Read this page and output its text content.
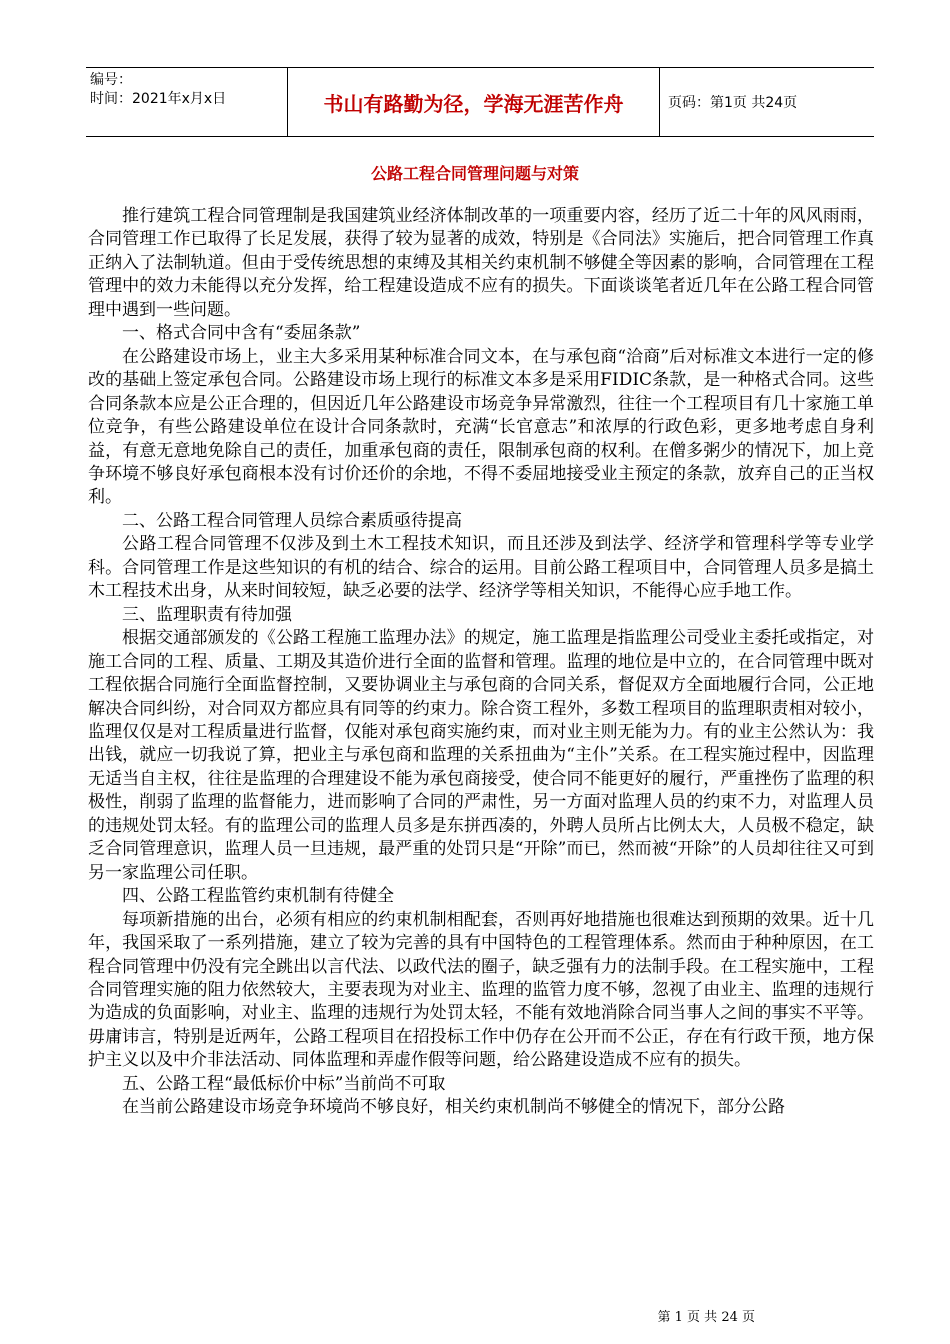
编号：
时间：2021年x月x日	书山有路勤为径，学海无涯苦作舟	页码：第1页 共24页
公路工程合同管理问题与对策

推行建筑工程合同管理制是我国建筑业经济体制改革的一项重要内容，经历了近二十年的风风雨雨，合同管理工作已取得了长足发展，获得了较为显著的成效，特别是《合同法》实施后，把合同管理工作真正纳入了法制轨道。但由于受传统思想的束缚及其相关约束机制不够健全等因素的影响，合同管理在工程管理中的效力未能得以充分发挥，给工程建设造成不应有的损失。下面谈谈笔者近几年在公路工程合同管理中遇到一些问题。

一、格式合同中含有“委屈条款”

在公路建设市场上，业主大多采用某种标准合同文本，在与承包商“洽商”后对标准文本进行一定的修改的基础上签定承包合同。公路建设市场上现行的标准文本多是采用FIDIC条款，是一种格式合同。这些合同条款本应是公正合理的，但因近几年公路建设市场竞争异常激烈，往往一个工程项目有几十家施工单位竞争，有些公路建设单位在设计合同条款时，充满“长官意志”和浓厚的行政色彩，更多地考虑自身利益，有意无意地免除自己的责任，加重承包商的责任，限制承包商的权利。在僧多粥少的情况下，加上竞争环境不够良好承包商根本没有讨价还价的余地，不得不委屈地接受业主预定的条款，放弃自己的正当权利。

二、公路工程合同管理人员综合素质亟待提高

公路工程合同管理不仅涉及到土木工程技术知识，而且还涉及到法学、经济学和管理科学等专业学科。合同管理工作是这些知识的有机的结合、综合的运用。目前公路工程项目中，合同管理人员多是搞土木工程技术出身，从来时间较短，缺乏必要的法学、经济学等相关知识，不能得心应手地工作。

三、监理职责有待加强

根据交通部颁发的《公路工程施工监理办法》的规定，施工监理是指监理公司受业主委托或指定，对施工合同的工程、质量、工期及其造价进行全面的监督和管理。监理的地位是中立的，在合同管理中既对工程依据合同施行全面监督控制，又要协调业主与承包商的合同关系，督促双方全面地履行合同，公正地解决合同纠纷，对合同双方都应具有同等的约束力。除合资工程外，多数工程项目的监理职责相对较小，监理仅仅是对工程质量进行监督，仅能对承包商实施约束，而对业主则无能为力。有的业主公然认为：我出钱，就应一切我说了算，把业主与承包商和监理的关系扭曲为“主仆”关系。在工程实施过程中，因监理无适当自主权，往往是监理的合理建设不能为承包商接受，使合同不能更好的履行，严重挫伤了监理的积极性，削弱了监理的监督能力，进而影响了合同的严肃性，另一方面对监理人员的约束不力，对监理人员的违规处罚太轻。有的监理公司的监理人员多是东拼西凑的，外聘人员所占比例太大，人员极不稳定，缺乏合同管理意识，监理人员一旦违规，最严重的处罚只是“开除”而已，然而被“开除”的人员却往往又可到另一家监理公司任职。

四、公路工程监管约束机制有待健全

每项新措施的出台，必须有相应的约束机制相配套，否则再好地措施也很难达到预期的效果。近十几年，我国采取了一系列措施，建立了较为完善的具有中国特色的工程管理体系。然而由于种种原因，在工程合同管理中仍没有完全跳出以言代法、以政代法的圈子，缺乏强有力的法制手段。在工程实施中，工程合同管理实施的阻力依然较大，主要表现为对业主、监理的监管力度不够，忽视了由业主、监理的违规行为造成的负面影响，对业主、监理的违规行为处罚太轻，不能有效地消除合同当事人之间的事实不平等。毋庸讳言，特别是近两年，公路工程项目在招投标工作中仍存在公开而不公正，存在有行政干预，地方保护主义以及中介非法活动、同体监理和弄虚作假等问题，给公路建设造成不应有的损失。

五、公路工程“最低标价中标”当前尚不可取

在当前公路建设市场竞争环境尚不够良好，相关约束机制尚不够健全的情况下，部分公路

第 1 页 共 24 页
